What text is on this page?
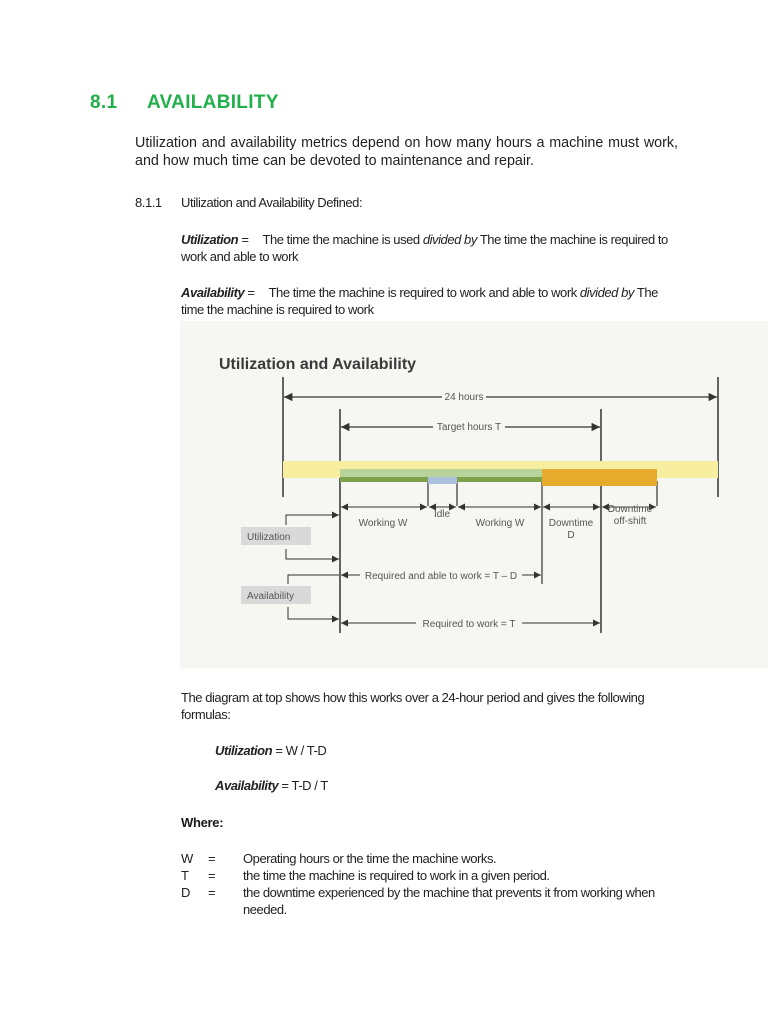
8.1 AVAILABILITY
Utilization and availability metrics depend on how many hours a machine must work, and how much time can be devoted to maintenance and repair.
8.1.1 Utilization and Availability Defined:
Utilization = The time the machine is used divided by The time the machine is required to work and able to work
Availability = The time the machine is required to work and able to work divided by The time the machine is required to work
Utilization and Availability
24 hours
Target hours T
Working W
Idle
Working W Downtime
D
Downtime
off-shift
Utilization
Required and able to work = T – D
Availability
Required to work = T
The diagram at top shows how this works over a 24-hour period and gives the following formulas:
Utilization = W / T-D
Availability = T-D / T
Where:
W	=	Operating hours or the time the machine works.
T	=	the time the machine is required to work in a given period.
D	=	the downtime experienced by the machine that prevents it from working when needed.
